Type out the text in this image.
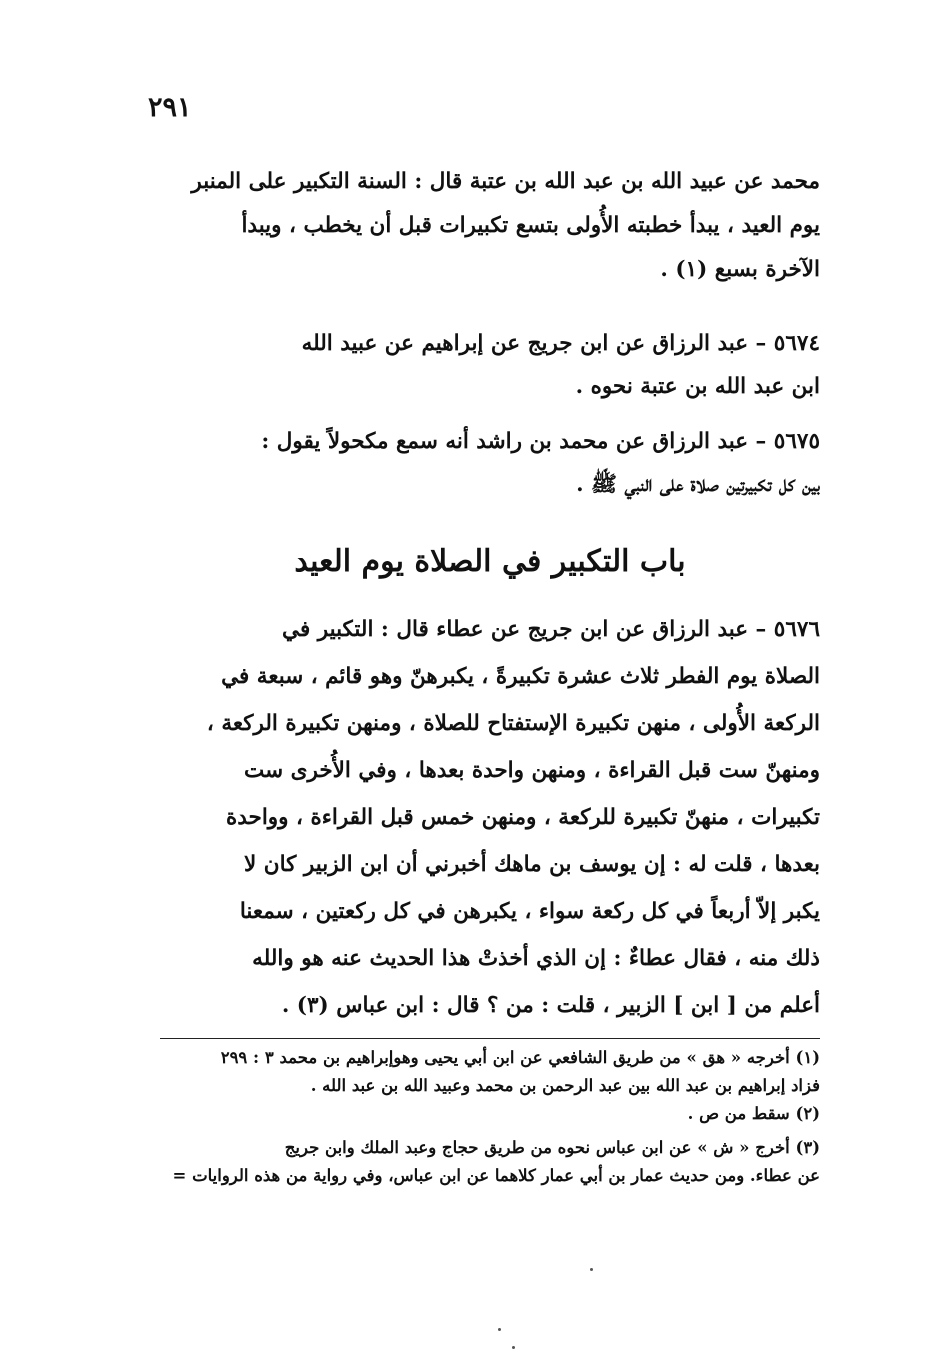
٢٩١
محمد عن عبيد الله بن عبد الله بن عتبة قال : السنة التكبير على المنبر
يوم العيد ، يبدأ خطبته الأُولى بتسع تكبيرات قبل أن يخطب ، ويبدأ
الآخرة بسبع (١) .
٥٦٧٤ – عبد الرزاق عن ابن جريج عن إبراهيم عن عبيد الله
ابن عبد الله بن عتبة نحوه .
٥٦٧٥ – عبد الرزاق عن محمد بن راشد أنه سمع مكحولاً يقول :
بين كل تكبيرتين صلاة على النبي ﷺ .
باب التكبير في الصلاة يوم العيد
٥٦٧٦ – عبد الرزاق عن ابن جريج عن عطاء قال : التكبير في
الصلاة يوم الفطر ثلاث عشرة تكبيرةً ، يكبرهنّ وهو قائم ، سبعة في
الركعة الأُولى ، منهن تكبيرة الإستفتاح للصلاة ، ومنهن تكبيرة الركعة ،
ومنهنّ ست قبل القراءة ، ومنهن واحدة بعدها ، وفي الأُخرى ست
تكبيرات ، منهنّ تكبيرة للركعة ، ومنهن خمس قبل القراءة ، وواحدة
بعدها ، قلت له : إن يوسف بن ماهك أخبرني أن ابن الزبير كان لا
يكبر إلاّ أربعاً في كل ركعة سواء ، يكبرهن في كل ركعتين ، سمعنا
ذلك منه ، فقال عطاءٌ : إن الذي أخذتْ هذا الحديث عنه هو والله
أعلم من [ ابن ] الزبير ، قلت : من ؟ قال : ابن عباس (٣) .
(١) أخرجه « هق » من طريق الشافعي عن ابن أبي يحيى وهوإبراهيم بن محمد ٣ : ٢٩٩
فزاد إبراهيم بن عبد الله بين عبد الرحمن بن محمد وعبيد الله بن عبد الله .
(٢) سقط من ص .
(٣) أخرج « ش » عن ابن عباس نحوه من طريق حجاج وعبد الملك وابن جريج
عن عطاء. ومن حديث عمار بن أبي عمار كلاهما عن ابن عباس، وفي رواية من هذه الروايات =
